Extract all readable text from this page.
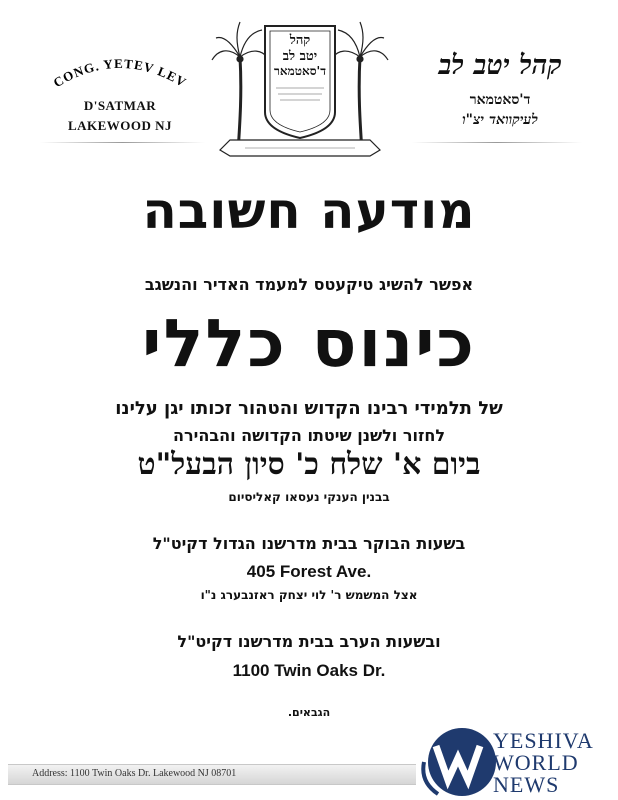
CONG. YETEV LEV
D'SATMAR
LAKEWOOD NJ
קהל
יטב לב
ד'סאטמאר	קהל יטב לב
ד'סאטמאר
לעיקוואד יצ"ו
מודעה חשובה
אפשר להשיג טיקעטס למעמד האדיר והנשגב
כינוס כללי
של תלמידי רבינו הקדוש והטהור זכותו יגן עלינו
לחזור ולשנן שיטתו הקדושה והבהירה
ביום א' שלח כ' סיון הבעל"ט
בבנין הענקי נעסאו קאליסיום
בשעות הבוקר בבית מדרשנו הגדול דקיט"ל
405 Forest Ave.
אצל המשמש ר' לוי יצחק ראזנבערג נ"ו
ובשעות הערב בבית מדרשנו דקיט"ל
1100 Twin Oaks Dr.
הגבאים.
Address: 1100 Twin Oaks Dr. Lakewood NJ 08701
YESHIVA
WORLD
NEWS
